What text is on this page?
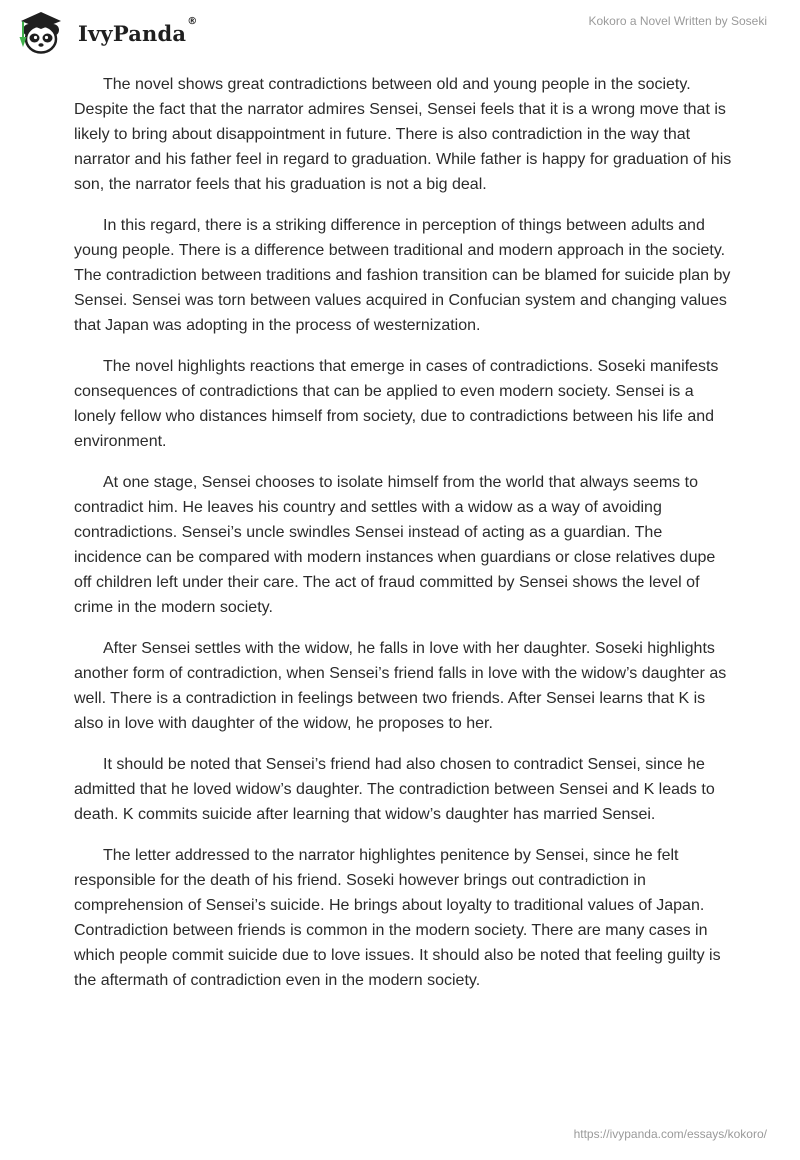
IvyPanda ®	Kokoro a Novel Written by Soseki

The novel shows great contradictions between old and young people in the society. Despite the fact that the narrator admires Sensei, Sensei feels that it is a wrong move that is likely to bring about disappointment in future. There is also contradiction in the way that narrator and his father feel in regard to graduation. While father is happy for graduation of his son, the narrator feels that his graduation is not a big deal.

In this regard, there is a striking difference in perception of things between adults and young people. There is a difference between traditional and modern approach in the society. The contradiction between traditions and fashion transition can be blamed for suicide plan by Sensei. Sensei was torn between values acquired in Confucian system and changing values that Japan was adopting in the process of westernization.

The novel highlights reactions that emerge in cases of contradictions. Soseki manifests consequences of contradictions that can be applied to even modern society. Sensei is a lonely fellow who distances himself from society, due to contradictions between his life and environment.

At one stage, Sensei chooses to isolate himself from the world that always seems to contradict him. He leaves his country and settles with a widow as a way of avoiding contradictions. Sensei’s uncle swindles Sensei instead of acting as a guardian. The incidence can be compared with modern instances when guardians or close relatives dupe off children left under their care. The act of fraud committed by Sensei shows the level of crime in the modern society.

After Sensei settles with the widow, he falls in love with her daughter. Soseki highlights another form of contradiction, when Sensei’s friend falls in love with the widow’s daughter as well. There is a contradiction in feelings between two friends. After Sensei learns that K is also in love with daughter of the widow, he proposes to her.

It should be noted that Sensei’s friend had also chosen to contradict Sensei, since he admitted that he loved widow’s daughter. The contradiction between Sensei and K leads to death. K commits suicide after learning that widow’s daughter has married Sensei.

The letter addressed to the narrator highlightes penitence by Sensei, since he felt responsible for the death of his friend. Soseki however brings out contradiction in comprehension of Sensei’s suicide. He brings about loyalty to traditional values of Japan. Contradiction between friends is common in the modern society. There are many cases in which people commit suicide due to love issues. It should also be noted that feeling guilty is the aftermath of contradiction even in the modern society.

https://ivypanda.com/essays/kokoro/
